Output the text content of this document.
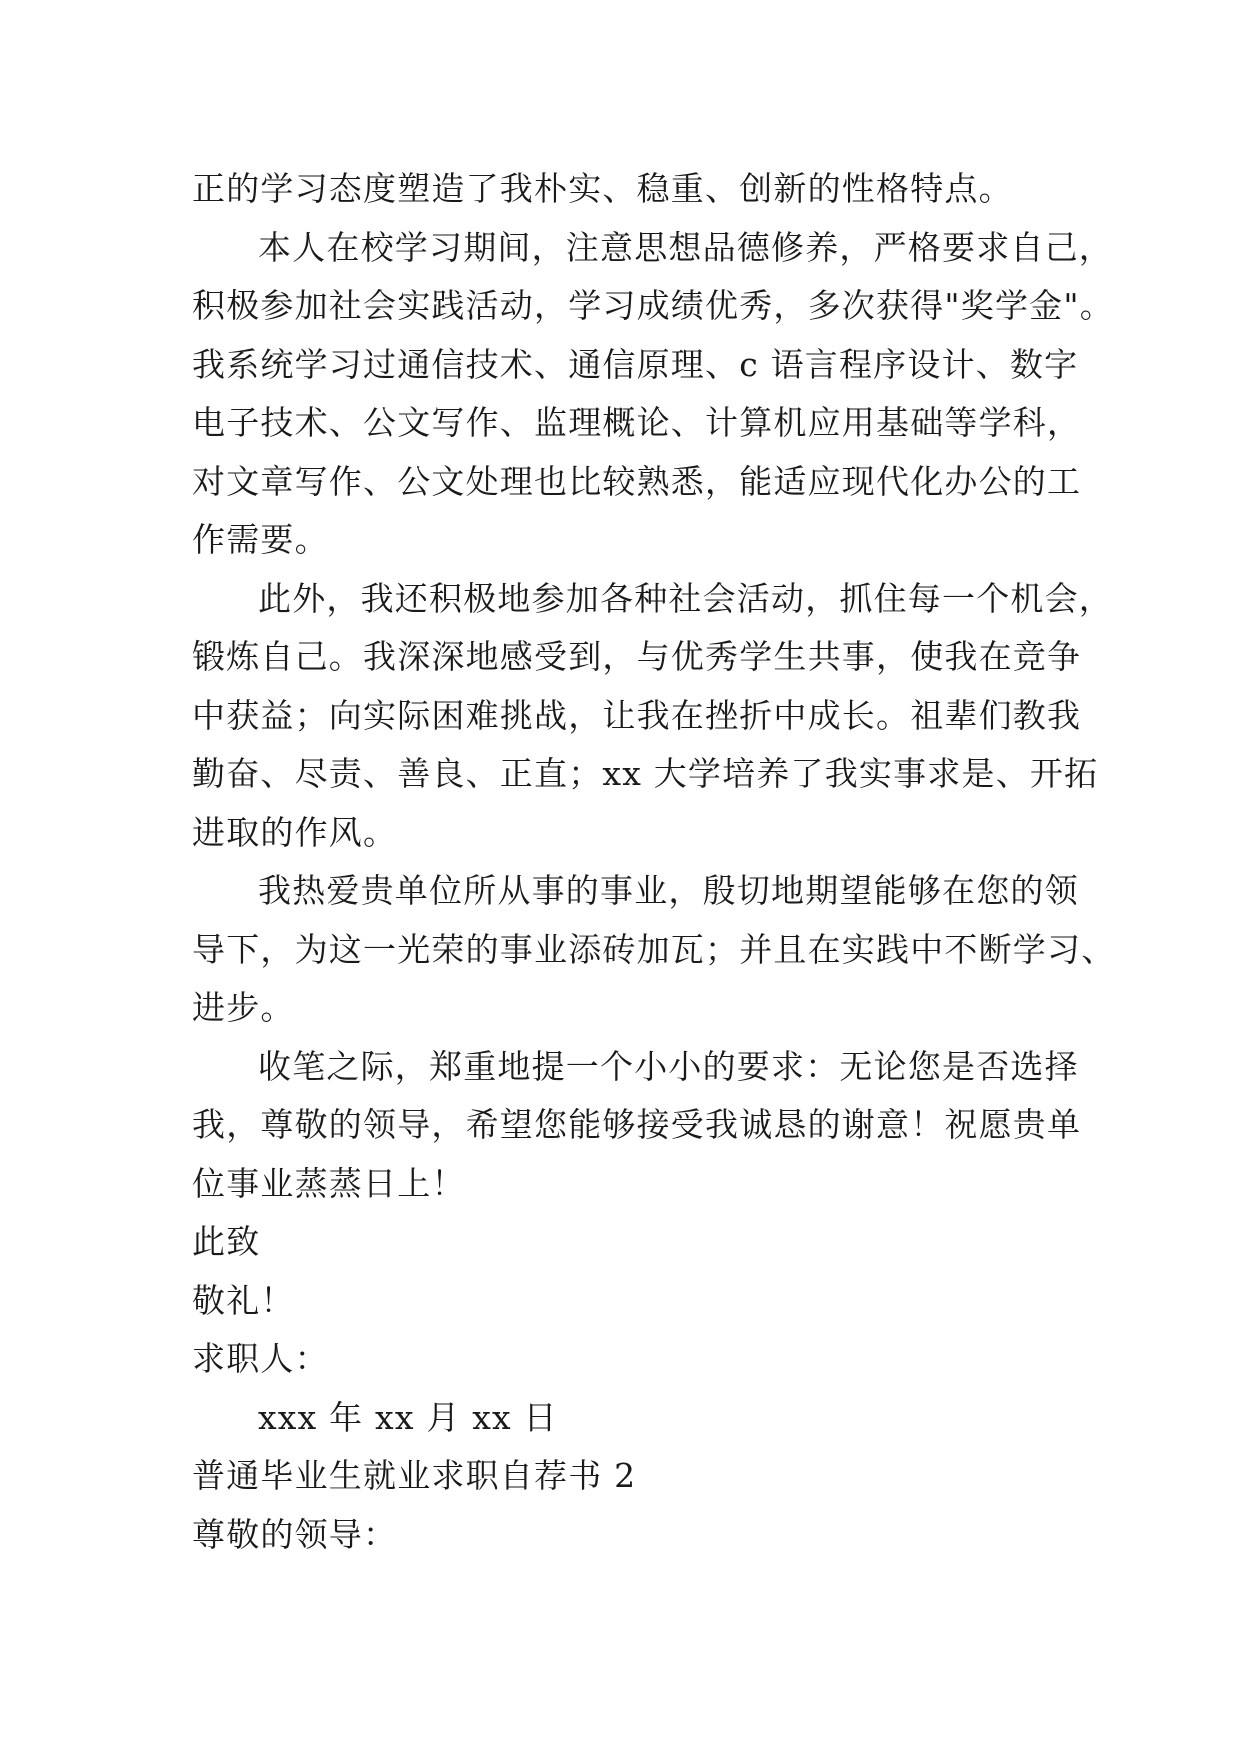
正的学习态度塑造了我朴实、稳重、创新的性格特点。
本人在校学习期间，注意思想品德修养，严格要求自己，
积极参加社会实践活动，学习成绩优秀，多次获得"奖学金"。
我系统学习过通信技术、通信原理、c 语言程序设计、数字
电子技术、公文写作、监理概论、计算机应用基础等学科，
对文章写作、公文处理也比较熟悉，能适应现代化办公的工
作需要。
此外，我还积极地参加各种社会活动，抓住每一个机会，
锻炼自己。我深深地感受到，与优秀学生共事，使我在竞争
中获益；向实际困难挑战，让我在挫折中成长。祖辈们教我
勤奋、尽责、善良、正直；xx 大学培养了我实事求是、开拓
进取的作风。
我热爱贵单位所从事的事业，殷切地期望能够在您的领
导下，为这一光荣的事业添砖加瓦；并且在实践中不断学习、
进步。
收笔之际，郑重地提一个小小的要求：无论您是否选择
我，尊敬的领导，希望您能够接受我诚恳的谢意！祝愿贵单
位事业蒸蒸日上！
此致
敬礼！
求职人：
xxx 年 xx 月 xx 日
普通毕业生就业求职自荐书 2
尊敬的领导：
